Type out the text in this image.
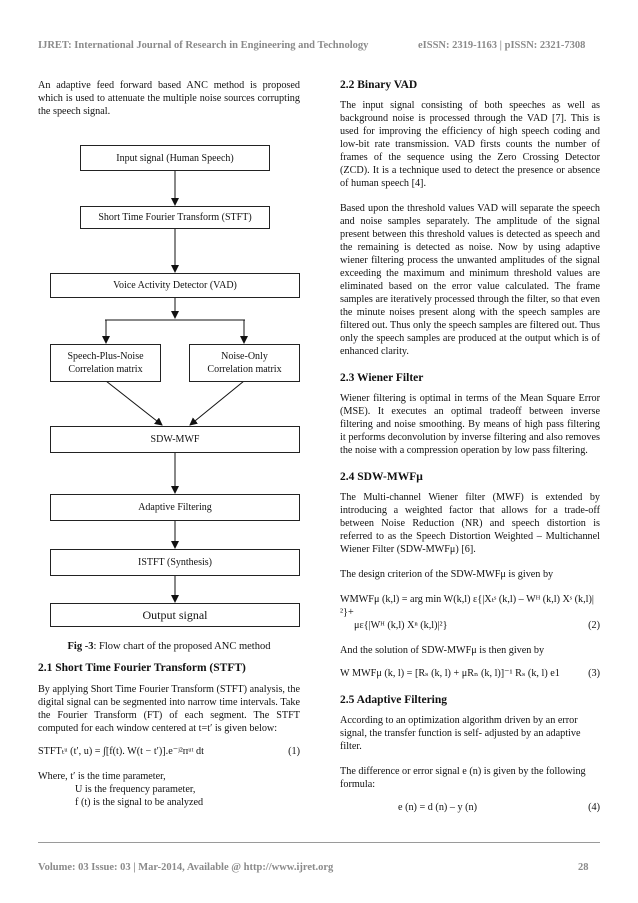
IJRET: International Journal of Research in Engineering and Technology	eISSN: 2319-1163 | pISSN: 2321-7308

An adaptive feed forward based ANC method is proposed which is used to attenuate the multiple noise sources corrupting the speech signal.

Input signal (Human Speech)
Short Time Fourier Transform (STFT)
Voice Activity Detector (VAD)
Speech-Plus-Noise
Correlation matrix
Noise-Only
Correlation matrix
SDW-MWF
Adaptive Filtering
ISTFT (Synthesis)
Output signal
Fig -3: Flow chart of the proposed ANC method

2.1 Short Time Fourier Transform (STFT)

By applying Short Time Fourier Transform (STFT) analysis, the digital signal can be segmented into narrow time intervals. Take the Fourier Transform (FT) of each segment. The STFT computed for each window centered at t=t′ is given below:

STFTₜᵘ (t′, u) = ∫[f(t). W(t − t′)].e⁻ʲ²ᴨᵘᵗ dt	(1)

Where, t′ is the time parameter,

U is the frequency parameter,

f (t) is the signal to be analyzed

2.2 Binary VAD

The input signal consisting of both speeches as well as background noise is processed through the VAD [7]. This is used for improving the efficiency of high speech coding and low-bit rate transmission. VAD firsts counts the number of frames of the sequence using the Zero Crossing Detector (ZCD). It is a technique used to detect the presence or absence of human speech [4].

Based upon the threshold values VAD will separate the speech and noise samples separately. The amplitude of the signal present between this threshold values is detected as speech and the remaining is detected as noise. Now by using adaptive wiener filtering process the unwanted amplitudes of the signal exceeding the maximum and minimum threshold values are eliminated based on the error value calculated. The frame samples are iteratively processed through the filter, so that even the minute noises present along with the speech samples are filtered out. Thus only the speech samples are filtered out. Thus only the speech samples are produced at the output which is of enhanced clarity.

2.3 Wiener Filter

Wiener filtering is optimal in terms of the Mean Square Error (MSE). It executes an optimal tradeoff between inverse filtering and noise smoothing. By means of high pass filtering it performs deconvolution by inverse filtering and also removes the noise with a compression operation by low pass filtering.

2.4 SDW-MWFμ

The Multi-channel Wiener filter (MWF) is extended by introducing a weighted factor that allows for a trade-off between Noise Reduction (NR) and speech distortion is referred to as the Speech Distortion Weighted – Multichannel Wiener Filter (SDW-MWFμ) [6].

The design criterion of the SDW-MWFμ is given by

WMWFμ (k,l) = arg min W(k,l) ε{|Xₜˢ (k,l) – Wᴴ (k,l) Xˢ (k,l)|²}+

με{|Wᴴ (k,l) Xⁿ (k,l)|²}	(2)

And the solution of SDW-MWFμ is then given by

W MWFμ (k, l) = [Rₛ (k, l) + μRₙ (k, l)]⁻¹ Rₛ (k, l) e1	(3)

2.5 Adaptive Filtering

According to an optimization algorithm driven by an error signal, the transfer function is self- adjusted by an adaptive filter.

The difference or error signal e (n) is given by the following formula:

e (n) = d (n) – y (n)	(4)
Volume: 03 Issue: 03 | Mar-2014, Available @ http://www.ijret.org	28
